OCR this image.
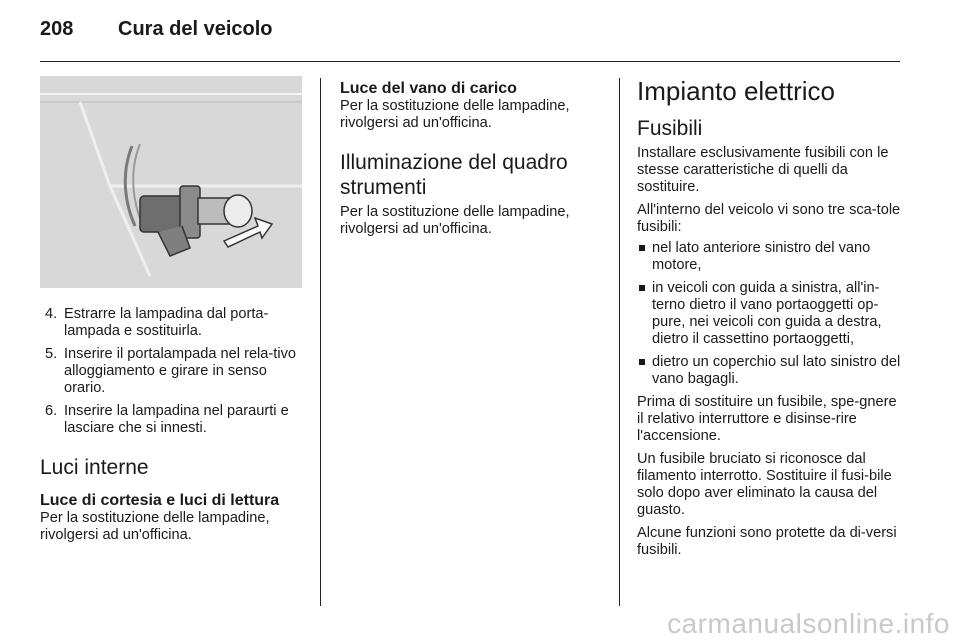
208 Cura del veicolo
4. Estrarre la lampadina dal porta-lampada e sostituirla.
5. Inserire il portalampada nel rela-tivo alloggiamento e girare in senso orario.
6. Inserire la lampadina nel paraurti e lasciare che si innesti.
Luci interne
Luce di cortesia e luci di lettura

Per la sostituzione delle lampadine, rivolgersi ad un'officina.

Luce del vano di carico

Per la sostituzione delle lampadine, rivolgersi ad un'officina.

Illuminazione del quadro strumenti

Per la sostituzione delle lampadine, rivolgersi ad un'officina.

Impianto elettrico
Fusibili

Installare esclusivamente fusibili con le stesse caratteristiche di quelli da sostituire.

All'interno del veicolo vi sono tre sca-tole fusibili:

nel lato anteriore sinistro del vano motore,
in veicoli con guida a sinistra, all'in-terno dietro il vano portaoggetti op-pure, nei veicoli con guida a destra, dietro il cassettino portaoggetti,
dietro un coperchio sul lato sinistro del vano bagagli.

Prima di sostituire un fusibile, spe-gnere il relativo interruttore e disinse-rire l'accensione.

Un fusibile bruciato si riconosce dal filamento interrotto. Sostituire il fusi-bile solo dopo aver eliminato la causa del guasto.

Alcune funzioni sono protette da di-versi fusibili.

carmanualsonline.info
